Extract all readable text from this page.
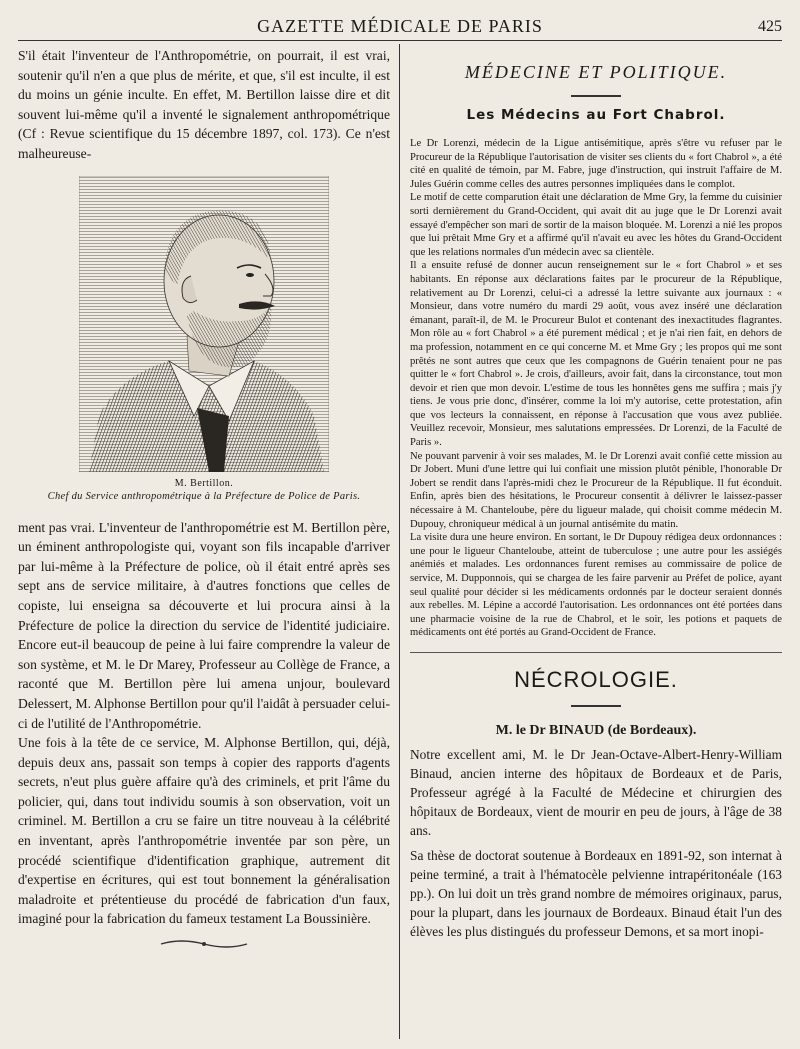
GAZETTE MÉDICALE DE PARIS	425

S'il était l'inventeur de l'Anthropométrie, on pourrait, il est vrai, soutenir qu'il n'en a que plus de mérite, et que, s'il est inculte, il est du moins un génie inculte. En effet, M. Bertillon laisse dire et dit souvent lui-même qu'il a inventé le signalement anthropométrique (Cf : Revue scientifique du 15 décembre 1897, col. 173). Ce n'est malheureuse-

M. Bertillon.
Chef du Service anthropométrique à la Préfecture de Police de Paris.

ment pas vrai. L'inventeur de l'anthropométrie est M. Bertillon père, un éminent anthropologiste qui, voyant son fils incapable d'arriver par lui-même à la Préfecture de police, où il était entré après ses sept ans de service militaire, à d'autres fonctions que celles de copiste, lui enseigna sa découverte et lui procura ainsi à la Préfecture de police la direction du service de l'identité judiciaire. Encore eut-il beaucoup de peine à lui faire comprendre la valeur de son système, et M. le Dr Marey, Professeur au Collège de France, a raconté que M. Bertillon père lui amena unjour, boulevard Delessert, M. Alphonse Bertillon pour qu'il l'aidât à persuader celui-ci de l'utilité de l'Anthropométrie.

Une fois à la tête de ce service, M. Alphonse Bertillon, qui, déjà, depuis deux ans, passait son temps à copier des rapports d'agents secrets, n'eut plus guère affaire qu'à des criminels, et prit l'âme du policier, qui, dans tout individu soumis à son observation, voit un criminel. M. Bertillon a cru se faire un titre nouveau à la célébrité en inventant, après l'anthropométrie inventée par son père, un procédé scientifique d'identification graphique, autrement dit d'expertise en écritures, qui est tout bonnement la généralisation maladroite et prétentieuse du procédé de fabrication d'un faux, imaginé pour la fabrication du fameux testament La Boussinière.

MÉDECINE ET POLITIQUE.
Les Médecins au Fort Chabrol.

Le Dr Lorenzi, médecin de la Ligue antisémitique, après s'être vu refuser par le Procureur de la République l'autorisation de visiter ses clients du « fort Chabrol », a été cité en qualité de témoin, par M. Fabre, juge d'instruction, qui instruit l'affaire de M. Jules Guérin comme celles des autres personnes impliquées dans le complot.

Le motif de cette comparution était une déclaration de Mme Gry, la femme du cuisinier sorti dernièrement du Grand-Occident, qui avait dit au juge que le Dr Lorenzi avait essayé d'empêcher son mari de sortir de la maison bloquée. M. Lorenzi a nié les propos que lui prêtait Mme Gry et a affirmé qu'il n'avait eu avec les hôtes du Grand-Occident que les relations normales d'un médecin avec sa clientèle.

Il a ensuite refusé de donner aucun renseignement sur le « fort Chabrol » et ses habitants. En réponse aux déclarations faites par le procureur de la République, relativement au Dr Lorenzi, celui-ci a adressé la lettre suivante aux journaux : « Monsieur, dans votre numéro du mardi 29 août, vous avez inséré une déclaration émanant, paraît-il, de M. le Procureur Bulot et contenant des inexactitudes flagrantes. Mon rôle au « fort Chabrol » a été purement médical ; et je n'ai rien fait, en dehors de ma profession, notamment en ce qui concerne M. et Mme Gry ; les propos qui me sont prêtés ne sont autres que ceux que les compagnons de Guérin tenaient pour ne pas quitter le « fort Chabrol ». Je crois, d'ailleurs, avoir fait, dans la circonstance, tout mon devoir et rien que mon devoir. L'estime de tous les honnêtes gens me suffira ; mais j'y tiens. Je vous prie donc, d'insérer, comme la loi m'y autorise, cette protestation, afin que vos lecteurs la connaissent, en réponse à l'accusation que vous avez publiée. Veuillez recevoir, Monsieur, mes salutations empressées. Dr Lorenzi, de la Faculté de Paris ».

Ne pouvant parvenir à voir ses malades, M. le Dr Lorenzi avait confié cette mission au Dr Jobert. Muni d'une lettre qui lui confiait une mission plutôt pénible, l'honorable Dr Jobert se rendit dans l'après-midi chez le Procureur de la République. Il fut éconduit. Enfin, après bien des hésitations, le Procureur consentit à délivrer le laissez-passer nécessaire à M. Chanteloube, père du ligueur malade, qui choisit comme médecin M. Dupouy, chroniqueur médical à un journal antisémite du matin.

La visite dura une heure environ. En sortant, le Dr Dupouy rédigea deux ordonnances : une pour le ligueur Chanteloube, atteint de tuberculose ; une autre pour les assiégés anémiés et malades. Les ordonnances furent remises au commissaire de police de service, M. Dupponnois, qui se chargea de les faire parvenir au Préfet de police, ayant seul qualité pour décider si les médicaments ordonnés par le docteur seraient donnés aux rebelles. M. Lépine a accordé l'autorisation. Les ordonnances ont été portées dans une pharmacie voisine de la rue de Chabrol, et le soir, les potions et paquets de médicaments ont été portés au Grand-Occident de France.

NÉCROLOGIE.
M. le Dr BINAUD (de Bordeaux).

Notre excellent ami, M. le Dr Jean-Octave-Albert-Henry-William Binaud, ancien interne des hôpitaux de Bordeaux et de Paris, Professeur agrégé à la Faculté de Médecine et chirurgien des hôpitaux de Bordeaux, vient de mourir en peu de jours, à l'âge de 38 ans.

Sa thèse de doctorat soutenue à Bordeaux en 1891-92, son internat à peine terminé, a trait à l'hématocèle pelvienne intrapéritonéale (163 pp.). On lui doit un très grand nombre de mémoires originaux, parus, pour la plupart, dans les journaux de Bordeaux. Binaud était l'un des élèves les plus distingués du professeur Demons, et sa mort inopi-
